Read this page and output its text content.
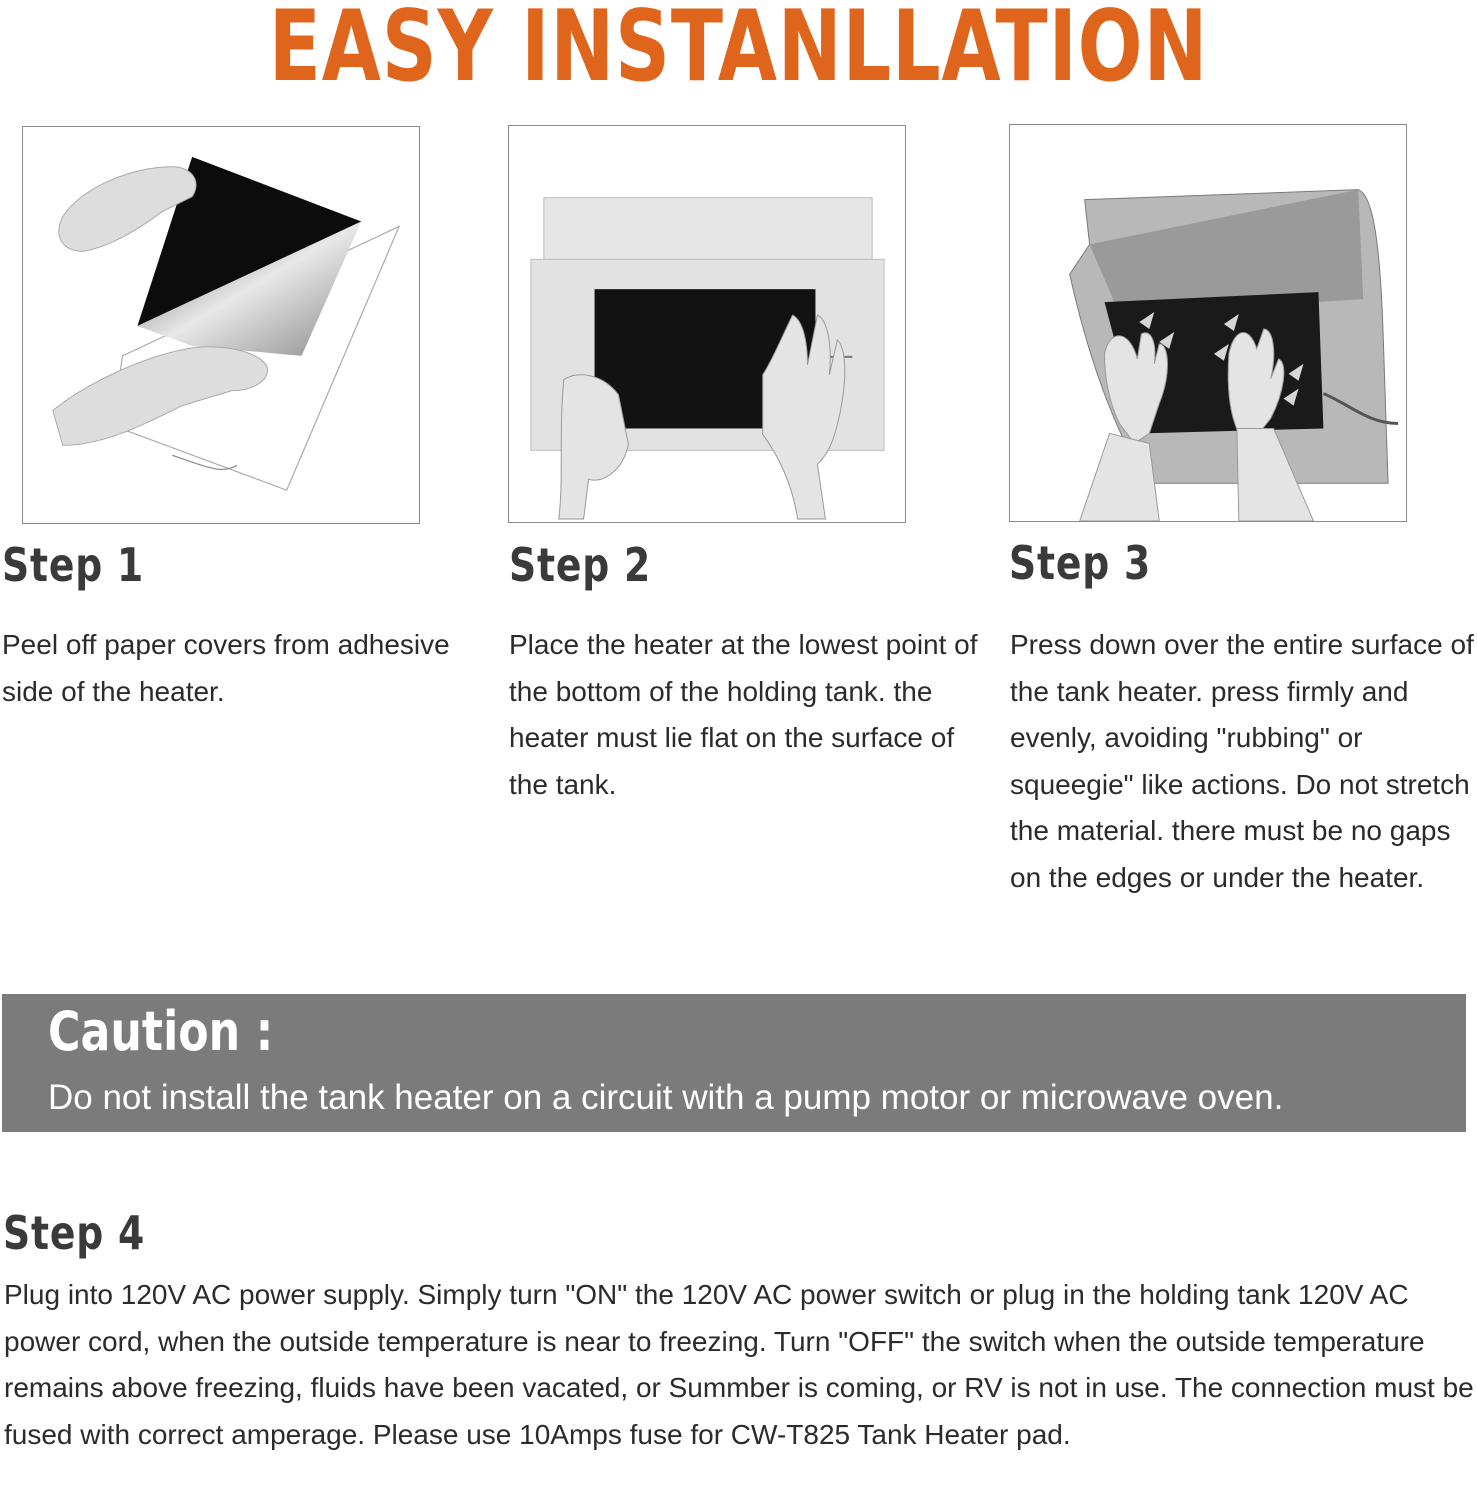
EASY INSTANLLATION
Step 1
Peel off paper covers from adhesive side of the heater.
Step 2
Place the heater at the lowest point of the bottom of the holding tank. the heater must lie flat on the surface of the tank.
Step 3
Press down over the entire surface of the tank heater. press firmly and evenly, avoiding "rubbing" or squeegie" like actions. Do not stretch the material. there must be no gaps on the edges or under the heater.
Caution :
Do not install the tank heater on a circuit with a pump motor or microwave oven.
Step 4
Plug into 120V AC power supply. Simply turn "ON" the 120V AC power switch or plug in the holding tank 120V AC power cord, when the outside temperature is near to freezing. Turn "OFF" the switch when the outside temperature remains above freezing, fluids have been vacated, or Summber is coming, or RV is not in use. The connection must be fused with correct amperage. Please use 10Amps fuse for CW-T825 Tank Heater pad.
